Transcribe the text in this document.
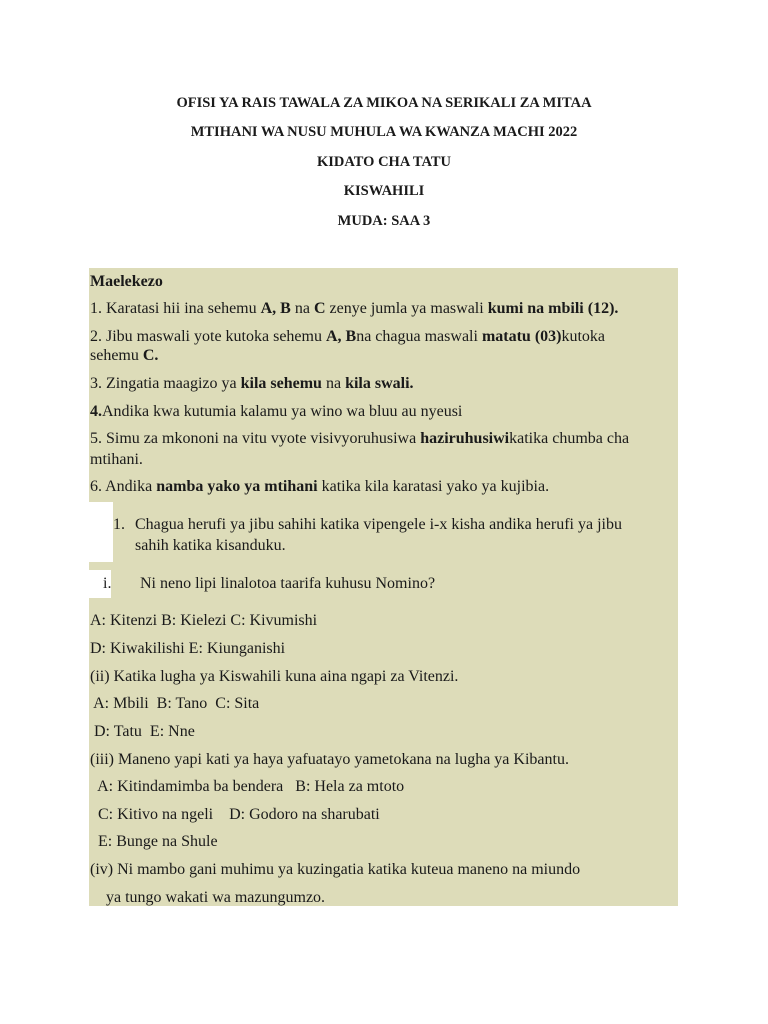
OFISI YA RAIS TAWALA ZA MIKOA NA SERIKALI ZA MITAA
MTIHANI WA NUSU MUHULA WA KWANZA MACHI 2022
KIDATO CHA TATU
KISWAHILI
MUDA: SAA 3
Maelekezo
1. Karatasi hii ina sehemu A, B na C zenye jumla ya maswali kumi na mbili (12).
2. Jibu maswali yote kutoka sehemu A, Bna chagua maswali matatu (03)kutoka
sehemu C.
3. Zingatia maagizo ya kila sehemu na kila swali.
4.Andika kwa kutumia kalamu ya wino wa bluu au nyeusi
5. Simu za mkononi na vitu vyote visivyoruhusiwa haziruhusiwikatika chumba cha
mtihani.
6. Andika namba yako ya mtihani katika kila karatasi yako ya kujibia.
1. Chagua herufi ya jibu sahihi katika vipengele i-x kisha andika herufi ya jibu
sahih katika kisanduku.
i. Ni neno lipi linalotoa taarifa kuhusu Nomino?
A: Kitenzi B: Kielezi C: Kivumishi
D: Kiwakilishi E: Kiunganishi
(ii) Katika lugha ya Kiswahili kuna aina ngapi za Vitenzi.
A: Mbili  B: Tano  C: Sita
D: Tatu  E: Nne
(iii) Maneno yapi kati ya haya yafuatayo yametokana na lugha ya Kibantu.
A: Kitindamimba ba bendera   B: Hela za mtoto
C: Kitivo na ngeli    D: Godoro na sharubati
E: Bunge na Shule
(iv) Ni mambo gani muhimu ya kuzingatia katika kuteua maneno na miundo
ya tungo wakati wa mazungumzo.
